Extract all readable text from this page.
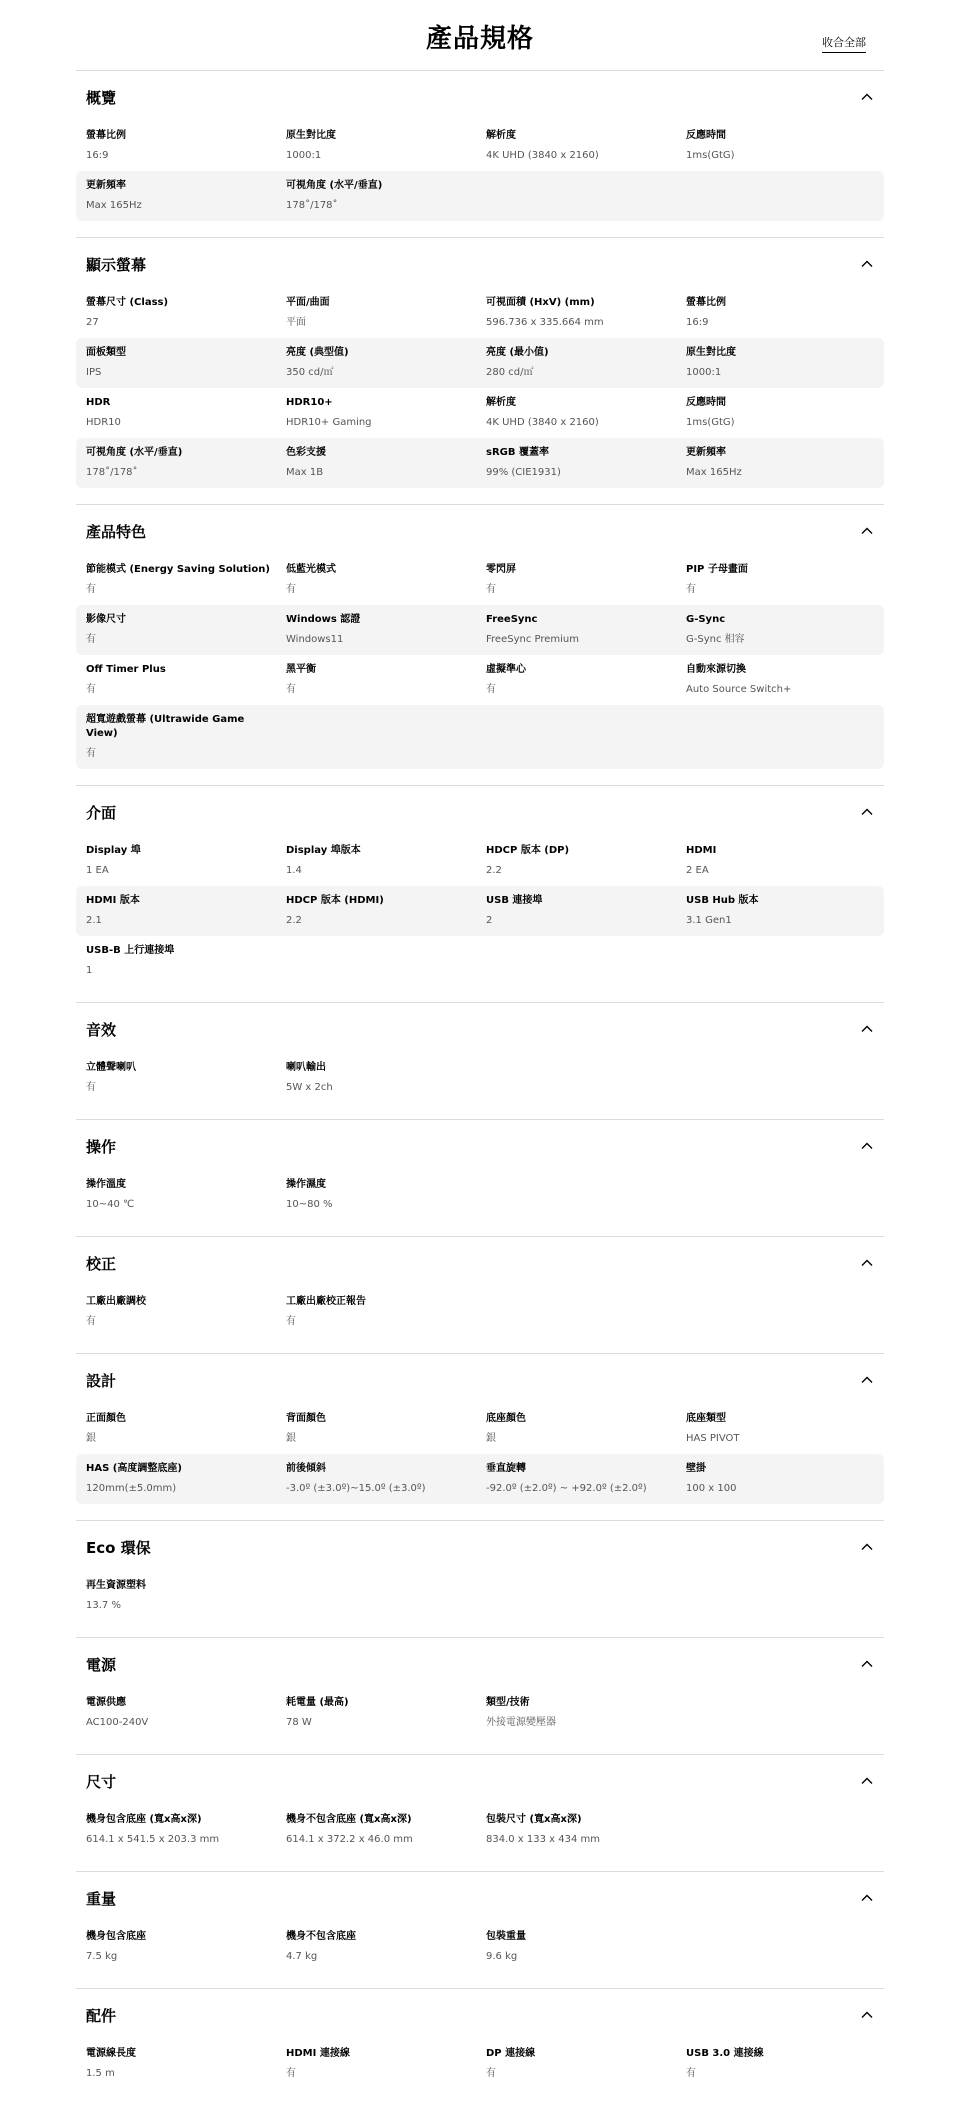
產品規格	收合全部
概覽
螢幕比例
16:9
原生對比度
1000:1
解析度
4K UHD (3840 x 2160)
反應時間
1ms(GtG)
更新頻率
Max 165Hz
可視角度 (水平/垂直)
178˚/178˚
顯示螢幕
螢幕尺寸 (Class)
27
平面/曲面
平面
可視面積 (HxV) (mm)
596.736 x 335.664 mm
螢幕比例
16:9
面板類型
IPS
亮度 (典型值)
350 cd/㎡
亮度 (最小值)
280 cd/㎡
原生對比度
1000:1
HDR
HDR10
HDR10+
HDR10+ Gaming
解析度
4K UHD (3840 x 2160)
反應時間
1ms(GtG)
可視角度 (水平/垂直)
178˚/178˚
色彩支援
Max 1B
sRGB 覆蓋率
99% (CIE1931)
更新頻率
Max 165Hz
產品特色
節能模式 (Energy Saving Solution)
有
低藍光模式
有
零閃屏
有
PIP 子母畫面
有
影像尺寸
有
Windows 認證
Windows11
FreeSync
FreeSync Premium
G-Sync
G-Sync 相容
Off Timer Plus
有
黑平衡
有
虛擬準心
有
自動來源切換
Auto Source Switch+
超寬遊戲螢幕 (Ultrawide Game View)
有
介面
Display 埠
1 EA
Display 埠版本
1.4
HDCP 版本 (DP)
2.2
HDMI
2 EA
HDMI 版本
2.1
HDCP 版本 (HDMI)
2.2
USB 連接埠
2
USB Hub 版本
3.1 Gen1
USB-B 上行連接埠
1
音效
立體聲喇叭
有
喇叭輸出
5W x 2ch
操作
操作溫度
10~40 ℃
操作濕度
10~80 %
校正
工廠出廠調校
有
工廠出廠校正報告
有
設計
正面顏色
銀
背面顏色
銀
底座顏色
銀
底座類型
HAS PIVOT
HAS (高度調整底座)
120mm(±5.0mm)
前後傾斜
-3.0º (±3.0º)~15.0º (±3.0º)
垂直旋轉
-92.0º (±2.0º) ~ +92.0º (±2.0º)
壁掛
100 x 100
Eco 環保
再生資源塑料
13.7 %
電源
電源供應
AC100-240V
耗電量 (最高)
78 W
類型/技術
外接電源變壓器
尺寸
機身包含底座 (寬x高x深)
614.1 x 541.5 x 203.3 mm
機身不包含底座 (寬x高x深)
614.1 x 372.2 x 46.0 mm
包裝尺寸 (寬x高x深)
834.0 x 133 x 434 mm
重量
機身包含底座
7.5 kg
機身不包含底座
4.7 kg
包裝重量
9.6 kg
配件
電源線長度
1.5 m
HDMI 連接線
有
DP 連接線
有
USB 3.0 連接線
有
